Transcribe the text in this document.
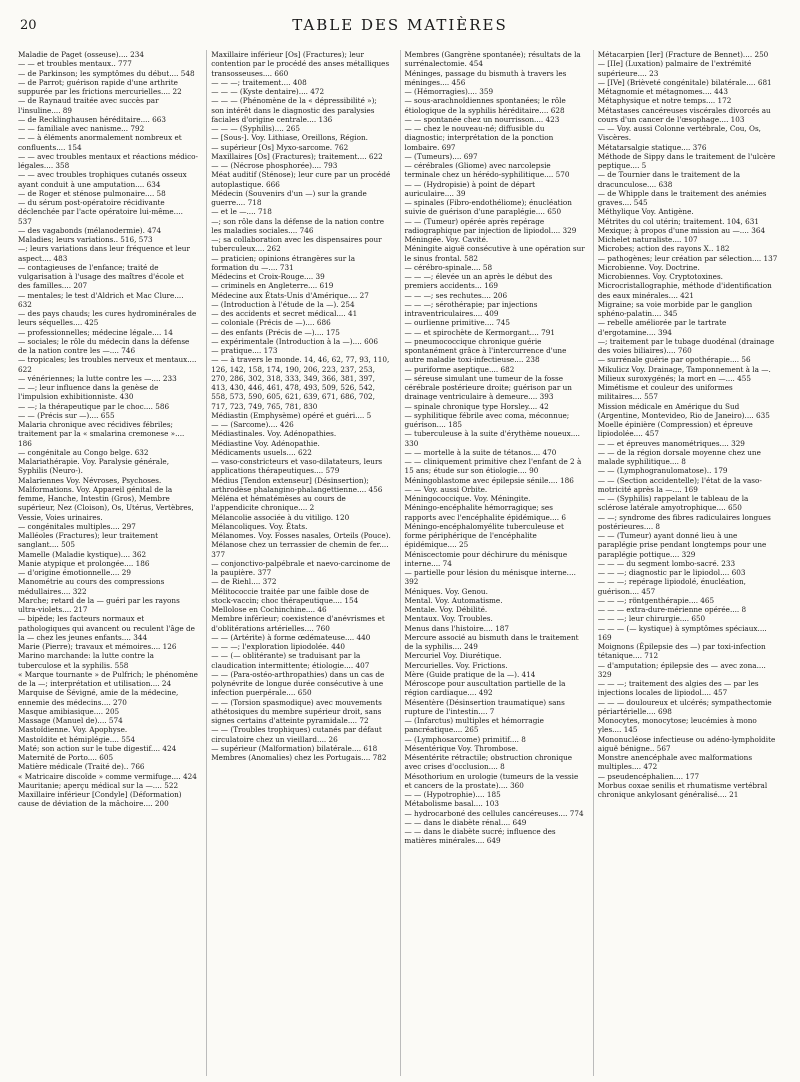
20	TABLE DES MATIÈRES
Maladie de Paget (osseuse).... 234
— — et troubles mentaux.. 777
— de Parkinson; les symptômes du début.... 548
— de Parrot; guérison rapide d'une arthrite suppurée par les frictions mercurielles.... 22
— de Raynaud traitée avec succès par l'insuline.... 89
— de Recklinghausen héréditaire.... 663
— — familiale avec nanisme... 792
— — à éléments anormalement nombreux et confluents.... 154
— — avec troubles mentaux et réactions médico-légales.... 358
— — avec troubles trophiques cutanés osseux ayant conduit à une amputation.... 634
— de Roger et sténose pulmonaire.... 58
— du sérum post-opératoire récidivante déclenchée par l'acte opératoire lui-même.... 537
— des vagabonds (mélanodermie). 474
Maladies; leurs variations.. 516, 573
—; leurs variations dans leur fréquence et leur aspect.... 483
— contagieuses de l'enfance; traité de vulgarisation à l'usage des maîtres d'école et des familles.... 207
— mentales; le test d'Aldrich et Mac Clure.... 632
— des pays chauds; les cures hydrominérales de leurs séquelles.... 425
— professionnelles; médecine légale.... 14
— sociales; le rôle du médecin dans la défense de la nation contre les —.... 746
— tropicales; les troubles nerveux et mentaux.... 622
— vénériennes; la lutte contre les —.... 233
— —; leur influence dans la genèse de l'impulsion exhibitionniste. 430
— —; la thérapeutique par le choc.... 586
— — (Précis sur —).... 655
Malaria chronique avec récidives fébriles; traitement par la « smalarina cremonese ».... 186
— congénitale au Congo belge. 632
Malariathérapie. Voy. Paralysie générale, Syphilis (Neuro-).
Malariennes Voy. Névroses, Psychoses.
Malformations. Voy. Appareil génital de la femme, Hanche, Intestin (Gros), Membre supérieur, Nez (Cloison), Os, Utérus, Vertèbres, Vessie, Voies urinaires.
— congénitales multiples.... 297
Malléoles (Fractures); leur traitement sanglant.... 505
Mamelle (Maladie kystique).... 362
Manie atypique et prolongée.... 186
— d'origine émotionnelle.... 29
Manométrie au cours des compressions médullaires.... 322
Marche; retard de la — guéri par les rayons ultra-violets.... 217
— bipède; les facteurs normaux et pathologiques qui avancent ou reculent l'âge de la — chez les jeunes enfants.... 344
Marie (Pierre); travaux et mémoires.... 126
Marino marchande: la lutte contre la tuberculose et la syphilis. 558
« Marque tournante » de Pulfrich; le phénomène de la —; interprétation et utilisation.... 24
Marquise de Sévigné, amie de la médecine, ennemie des médecins.... 270
Masque amibiasique.... 205
Massage (Manuel de).... 574
Mastoïdienne. Voy. Apophyse.
Mastoïdite et hémiplégie.... 554
Maté; son action sur le tube digestif.... 424
Maternité de Porto.... 605
Matière médicale (Traité de).. 766
« Matricaire discoïde » comme vermifuge.... 424
Mauritanie; aperçu médical sur la —.... 522
Maxillaire inférieur [Condyle] (Déformation) cause de déviation de la mâchoire.... 200
Maxillaire inférieur [Os] (Fractures); leur contention par le procédé des anses métalliques transosseuses.... 660
— — —; traitement.... 408
— — — (Kyste dentaire).... 472
— — — (Phénomène de la « dépressibilité »); son intérêt dans le diagnostic des paralysies faciales d'origine centrale.... 136
— — — (Syphilis).... 265
— [Sous-]. Voy. Lithiase, Oreillons, Région.
— supérieur [Os] Myxo-sarcome. 762
Maxillaires [Os] (Fractures); traitement.... 622
— — (Nécrose phosphorée).... 793
Méat auditif (Sténose); leur cure par un procédé autoplastique. 666
Médecin (Souvenirs d'un —) sur la grande guerre.... 718
— et le —.... 718
—; son rôle dans la défense de la nation contre les maladies sociales.... 746
—; sa collaboration avec les dispensaires pour tuberculeux.... 262
— praticien; opinions étrangères sur la formation du —.... 731
Médecins et Croix-Rouge.... 39
— criminels en Angleterre.... 619
Médecine aux États-Unis d'Amérique.... 27
— (Introduction à l'étude de la —). 254
— des accidents et secret médical.... 41
— coloniale (Précis de —).... 686
— des enfants (Précis de —).... 175
— expérimentale (Introduction à la —).... 606
— pratique.... 173
— — à travers le monde. 14, 46, 62, 77, 93, 110, 126, 142, 158, 174, 190, 206, 223, 237, 253, 270, 286, 302, 318, 333, 349, 366, 381, 397, 413, 430, 446, 461, 478, 493, 509, 526, 542, 558, 573, 590, 605, 621, 639, 671, 686, 702, 717, 723, 749, 765, 781, 830
Médiastin (Emphysème) opéré et guéri.... 5
— — (Sarcome).... 426
Médiastinales. Voy. Adénopathies.
Médiastine Voy. Adénopathie.
Médicaments usuels.... 622
— vaso-constricteurs et vaso-dilatateurs, leurs applications thérapeutiques.... 579
Médius [Tendon extenseur] (Désinsertion); arthrodèse phalangino-phalangettienne.... 456
Méléna et hématémèses au cours de l'appendicite chronique.... 2
Mélancolie associée à du vitiligo. 120
Mélancoliques. Voy. États.
Mélanomes. Voy. Fosses nasales, Orteils (Pouce).
Mélanose chez un terrassier de chemin de fer.... 377
— conjonctivo-palpébrale et naevo-carcinome de la paupière. 377
— de Riehl.... 372
Mélitococcie traitée par une faible dose de stock-vaccin; choc thérapeutique.... 154
Mellolose en Cochinchine.... 46
Membre inférieur; coexistence d'anévrismes et d'oblitérations artérielles.... 760
— — (Artérite) à forme œdémateuse.... 440
— — —; l'exploration lipiodolée. 440
— — (— oblitérante) se traduisant par la claudication intermittente; étiologie.... 407
— — (Para-ostéo-arthropathies) dans un cas de polynévrite de longue durée consécutive à une infection puerpérale.... 650
— — (Torsion spasmodique) avec mouvements athétosiques du membre supérieur droit, sans signes certains d'atteinte pyramidale.... 72
— — (Troubles trophiques) cutanés par défaut circulatoire chez un vieillard.... 26
— supérieur (Malformation) bilatérale.... 618
Membres (Anomalies) chez les Portugais.... 782
Membres (Gangrène spontanée); résultats de la surrénalectomie. 454
Méninges, passage du bismuth à travers les méninges.... 456
— (Hémorragies).... 359
— sous-arachnoïdiennes spontanées; le rôle étiologique de la syphilis héréditaire.... 628
— — spontanée chez un nourrisson.... 423
— — chez le nouveau-né; diffusible du diagnostic; interprétation de la ponction lombaire. 697
— (Tumeurs).... 697
— cérébrales (Gliome) avec narcolepsie terminale chez un hérédo-syphilitique.... 570
— — (Hydropisie) à point de départ auriculaire.... 39
— spinales (Fibro-endothéliome); énucléation suivie de guérison d'une paraplégie.... 650
— — (Tumeur) opérée après repérage radiographique par injection de lipiodol.... 329
Méningée. Voy. Cavité.
Méningite aiguë consécutive à une opération sur le sinus frontal. 582
— cérébro-spinale.... 58
— — —; élevée un an après le début des premiers accidents... 169
— — —; ses rechutes.... 206
— — —; sérothérapie; par injections intraventriculaires.... 409
— ourlienne primitive.... 745
— — et spirochète de Kermorgant.... 791
— pneumococcique chronique guérie spontanément grâce à l'intercurrence d'une autre maladie toxi-infectieuse.... 238
— puriforme aseptique.... 682
— séreuse simulant une tumeur de la fosse cérébrale postérieure droite; guérison par un drainage ventriculaire à demeure.... 393
— spinale chronique type Horsley.... 42
— syphilitique fébrile avec coma, méconnue; guérison.... 185
— tuberculeuse à la suite d'érythème noueux.... 330
— — mortelle à la suite de tétanos.... 470
— — cliniquement primitive chez l'enfant de 2 à 15 ans; étude sur son étiologie.... 90
Méningoblastome avec épilepsie sénile.... 186
— — Voy. aussi Orbite.
Méningococcique. Voy. Méningite.
Méningo-encéphalite hémorragique; ses rapports avec l'encéphalite épidémique.... 6
Méningo-encéphalomyélite tuberculeuse et forme périphérique de l'encéphalite épidémique.... 25
Méniscectomie pour déchirure du ménisque interne.... 74
— partielle pour lésion du ménisque interne.... 392
Méniques. Voy. Genou.
Mental. Voy. Automatisme.
Mentale. Voy. Débilité.
Mentaux. Voy. Troubles.
Menus dans l'histoire.... 187
Mercure associé au bismuth dans le traitement de la syphilis.... 249
Mercuriel Voy. Diurétique.
Mercurielles. Voy. Frictions.
Mère (Guide pratique de la —). 414
Méroscope pour auscultation partielle de la région cardiaque.... 492
Mésentère (Désinsertion traumatique) sans rupture de l'intestin.... 7
— (Infarctus) multiples et hémorragie pancréatique.... 265
— (Lymphosarcome) primitif.... 8
Mésentérique Voy. Thrombose.
Mésentérite rétractile; obstruction chronique avec crises d'occlusion.... 8
Mésothorium en urologie (tumeurs de la vessie et cancers de la prostate).... 360
— — (Hypotrophie).... 185
Métabolisme basal.... 103
— hydrocarboné des cellules cancéreuses.... 774
— — dans le diabète rénal.... 649
— — dans le diabète sucré; influence des matières minérales.... 649
Métacarpien [Ier] (Fracture de Bennet).... 250
— [IIe] (Luxation) palmaire de l'extrémité supérieure.... 23
— [IVe] (Brièveté congénitale) bilatérale.... 681
Métagnomie et métagnomes.... 443
Métaphysique et notre temps.... 172
Métastases cancéreuses viscérales divorcés au cours d'un cancer de l'œsophage.... 103
— — Voy. aussi Colonne vertébrale, Cou, Os, Viscères.
Métatarsalgie statique.... 376
Méthode de Sippy dans le traitement de l'ulcère peptique.... 5
— de Tournier dans le traitement de la dracunculose.... 638
— de Whipple dans le traitement des anémies graves.... 545
Méthylique Voy. Antigène.
Métrites du col utérin; traitement. 104, 631
Mexique; à propos d'une mission au —.... 364
Michelet naturaliste.... 107
Microbes; action des rayons X.. 182
— pathogènes; leur création par sélection.... 137
Microbienne. Voy. Doctrine.
Microbiennes. Voy. Cryptotoxines.
Microcristallographie, méthode d'identification des eaux minérales.... 421
Migraine; sa voie morbide par le ganglion sphéno-palatin.... 345
— rebelle améliorée par le tartrate d'ergotamine.... 394
—; traitement par le tubage duodénal (drainage des voies biliaires).... 760
— surrénale guérie par opothérapie.... 56
Mikulicz Voy. Drainage, Tamponnement à la —.
Milieux suroxygénés; la mort en —.... 455
Mimétisme et couleur des uniformes militaires.... 557
Mission médicale en Amérique du Sud (Argentine, Montevideo, Rio de Janeiro).... 635
Moelle épinière (Compression) et épreuve lipiodolée.... 457
— — et épreuves manométriques.... 329
— — de la région dorsale moyenne chez une malade syphilitique.... 8
— — (Lymphogranulomatose).. 179
— — (Section accidentelle); l'état de la vaso-motricité après la —.... 169
— — (Syphilis) rappelant le tableau de la sclérose latérale amyotrophique.... 650
— —; syndrome des fibres radiculaires longues postérieures.... 8
— — (Tumeur) ayant donné lieu à une paraplégie prise pendant longtemps pour une paraplégie pottique.... 329
— — — du segment lombo-sacré. 233
— — —; diagnostic par le lipiodol.... 603
— — —; repérage lipiodolé, énucléation, guérison.... 457
— — —; röntgenthérapie.... 465
— — — extra-dure-mérienne opérée.... 8
— — —; leur chirurgie.... 650
— — — (— kystique) à symptômes spéciaux.... 169
Moignons (Épilepsie des —) par toxi-infection tétanique.... 712
— d'amputation; épilepsie des — avec zona.... 329
— — —; traitement des algies des — par les injections locales de lipiodol.... 457
— — — douloureux et ulcérés; sympathectomie périartérielle.... 698
Monocytes, monocytose; leucémies à mono yles.... 145
Mononucléose infectieuse ou adéno-lymphoïdite aiguë bénigne.. 567
Monstre anencéphale avec malformations multiples.... 472
— pseudencéphalien.... 177
Morbus coxae senilis et rhumatisme vertébral chronique ankylosant généralisé.... 21
